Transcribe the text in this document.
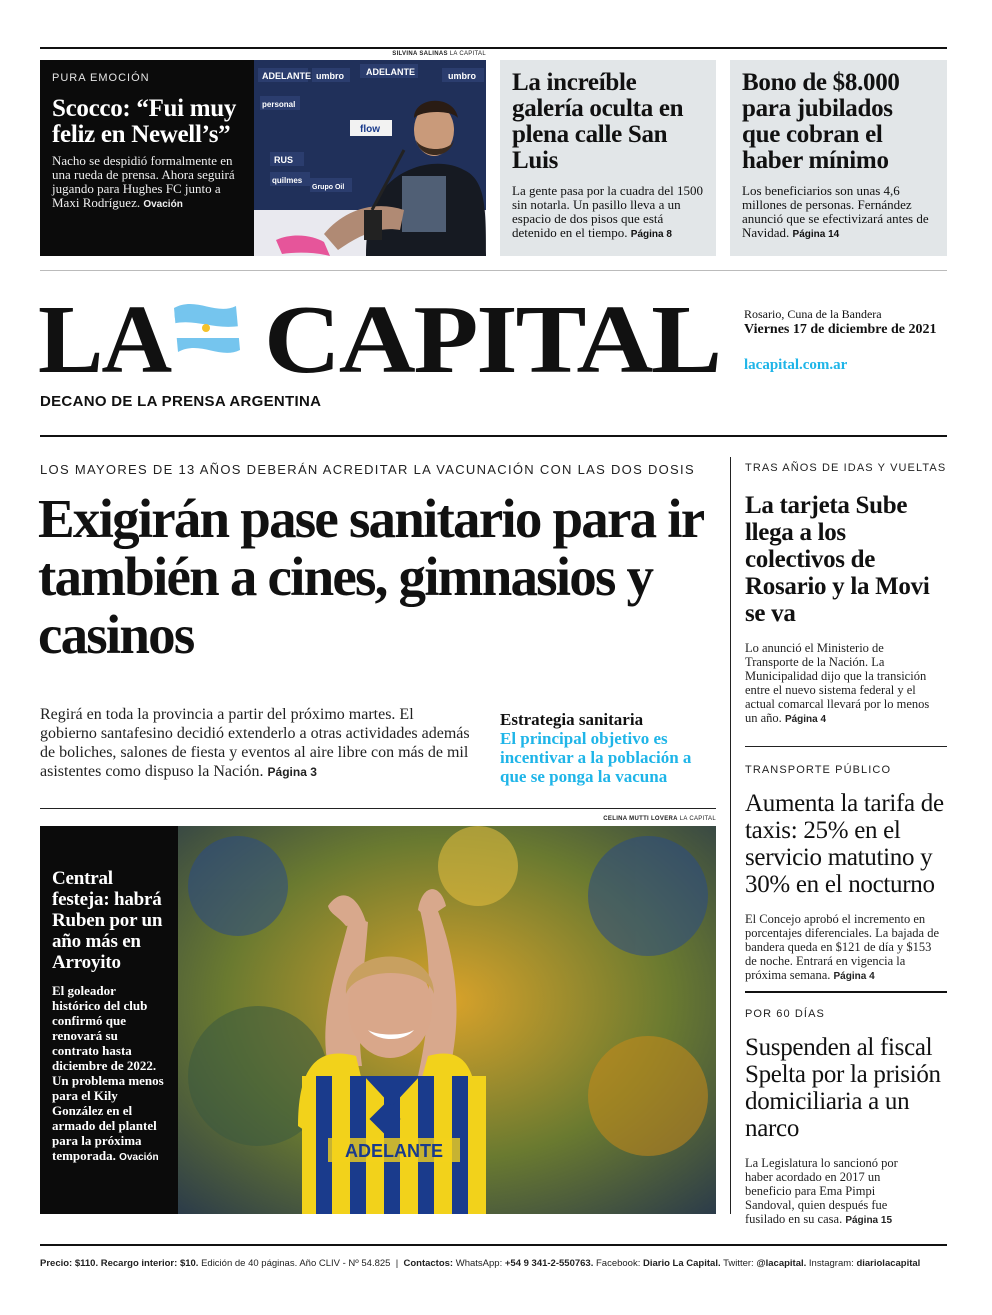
SILVINA SALINAS LA CAPITAL
PURA EMOCIÓN
Scocco: “Fui muy feliz en Newell’s”

Nacho se despidió formalmente en una rueda de prensa. Ahora seguirá jugando para Hughes FC junto a Maxi Rodríguez. Ovación

ADELANTE umbro ADELANTE	umbro
flow
RUS
quilmes
Grupo Oil
personal
La increíble galería oculta en plena calle San Luis

La gente pasa por la cuadra del 1500 sin notarla. Un pasillo lleva a un espacio de dos pisos que está detenido en el tiempo. Página 8

Bono de $8.000 para jubilados que cobran el haber mínimo

Los beneficiarios son unas 4,6 millones de personas. Fernández anunció que se efectivizará antes de Navidad. Página 14

LA CAPITAL
DECANO DE LA PRENSA ARGENTINA
Rosario, Cuna de la Bandera
Viernes 17 de diciembre de 2021
lacapital.com.ar
LOS MAYORES DE 13 AÑOS DEBERÁN ACREDITAR LA VACUNACIÓN CON LAS DOS DOSIS
Exigirán pase sanitario para ir también a cines, gimnasios y casinos

Regirá en toda la provincia a partir del próximo martes. El gobierno santafesino decidió extenderlo a otras actividades además de boliches, salones de fiesta y eventos al aire libre con más de mil asistentes como dispuso la Nación. Página 3

Estrategia sanitaria
El principal objetivo es incentivar a la población a que se ponga la vacuna
CELINA MUTTI LOVERA LA CAPITAL
Central festeja: habrá Ruben por un año más en Arroyito

El goleador histórico del club confirmó que renovará su contrato hasta diciembre de 2022. Un problema menos para el Kily González en el armado del plantel para la próxima temporada. Ovación	ADELANTE
TRAS AÑOS DE IDAS Y VUELTAS
La tarjeta Sube llega a los colectivos de Rosario y la Movi se va

Lo anunció el Ministerio de Transporte de la Nación. La Municipalidad dijo que la transición entre el nuevo sistema federal y el actual comarcal llevará por lo menos un año. Página 4

TRANSPORTE PÚBLICO
Aumenta la tarifa de taxis: 25% en el servicio matutino y 30% en el nocturno

El Concejo aprobó el incremento en porcentajes diferenciales. La bajada de bandera queda en $121 de día y $153 de noche. Entrará en vigencia la próxima semana. Página 4

POR 60 DÍAS
Suspenden al fiscal Spelta por la prisión domiciliaria a un narco

La Legislatura lo sancionó por haber acordado en 2017 un beneficio para Ema Pimpi Sandoval, quien después fue fusilado en su casa. Página 15

Precio: $110. Recargo interior: $10. Edición de 40 páginas. Año CLIV - Nº 54.825  |  Contactos: WhatsApp: +54 9 341-2-550763. Facebook: Diario La Capital. Twitter: @lacapital. Instagram: diariolacapital
